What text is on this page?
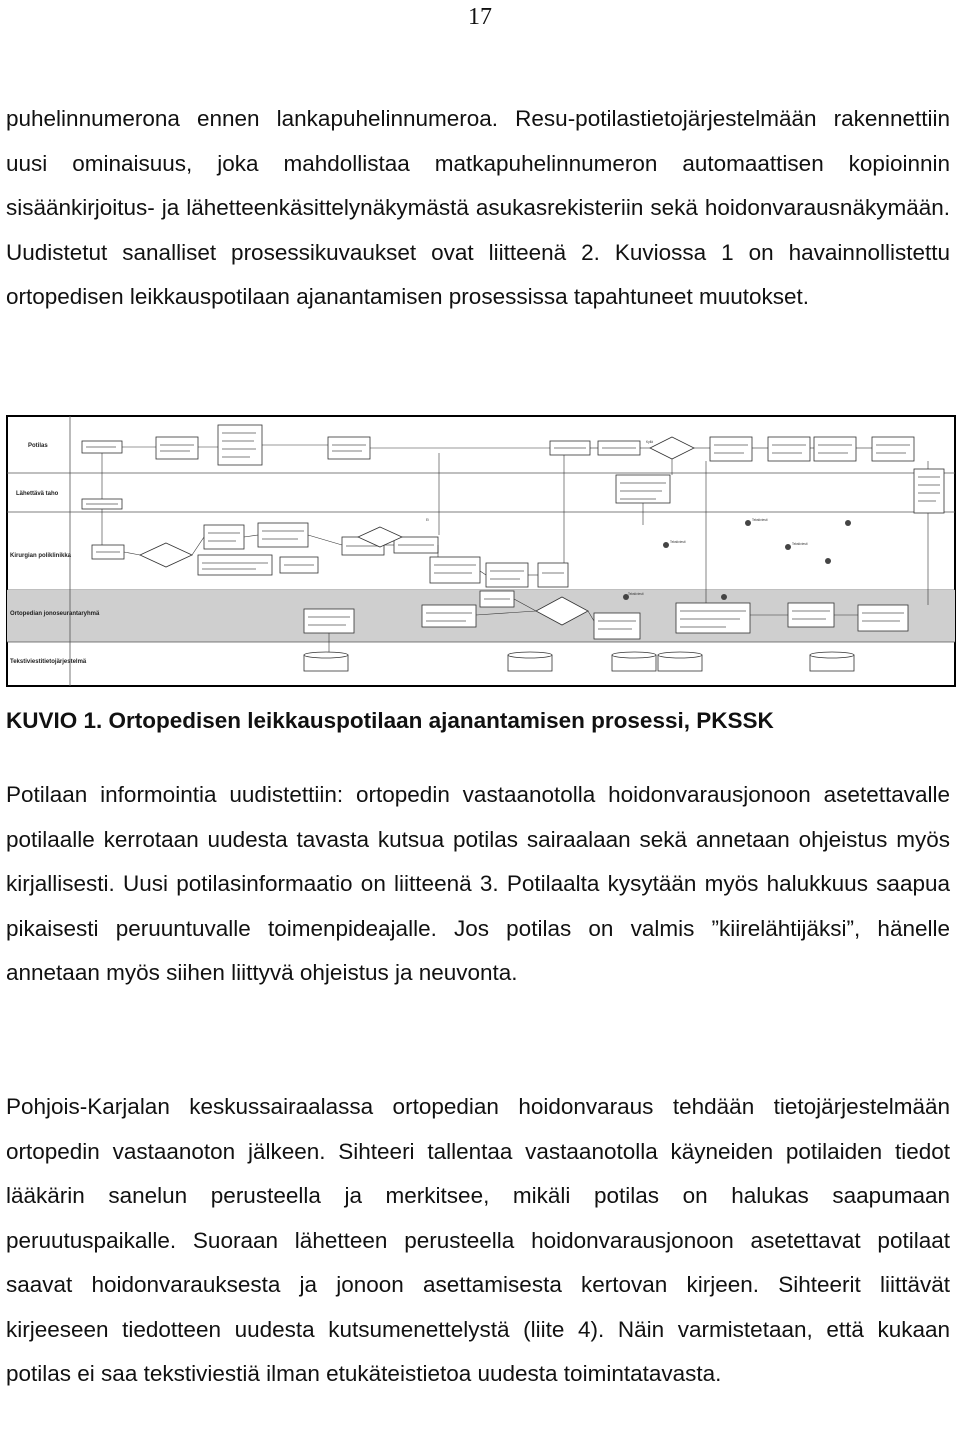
17

puhelinnumerona ennen lankapuhelinnumeroa. Resu-potilastietojärjestelmään rakennettiin uusi ominaisuus, joka mahdollistaa matkapuhelinnumeron automaattisen kopioinnin sisäänkirjoitus- ja lähetteenkäsittelynäkymästä asukasrekisteriin sekä hoidonvarausnäkymään. Uudistetut sanalliset prosessikuvaukset ovat liitteenä 2. Kuviossa 1 on havainnollistettu ortopedisen leikkauspotilaan ajanantamisen prosessissa tapahtuneet muutokset.

Potilas
Lähettävä taho
Kirurgian poliklinikka
Ortopedian jonoseurantaryhmä
Tekstiviestitietojärjestelmä
Tekstiviesti
Tekstiviesti
Tekstiviesti
Tekstiviesti
Kyllä
Ei

KUVIO 1. Ortopedisen leikkauspotilaan ajanantamisen prosessi, PKSSK

Potilaan informointia uudistettiin: ortopedin vastaanotolla hoidonvarausjonoon asetettavalle potilaalle kerrotaan uudesta tavasta kutsua potilas sairaalaan sekä annetaan ohjeistus myös kirjallisesti. Uusi potilasinformaatio on liitteenä 3. Potilaalta kysytään myös halukkuus saapua pikaisesti peruuntuvalle toimenpideajalle. Jos potilas on valmis ”kiirelähtijäksi”, hänelle annetaan myös siihen liittyvä ohjeistus ja neuvonta.

Pohjois-Karjalan keskussairaalassa ortopedian hoidonvaraus tehdään tietojärjestelmään ortopedin vastaanoton jälkeen. Sihteeri tallentaa vastaanotolla käyneiden potilaiden tiedot lääkärin sanelun perusteella ja merkitsee, mikäli potilas on halukas saapumaan peruutuspaikalle. Suoraan lähetteen perusteella hoidonvarausjonoon asetettavat potilaat saavat hoidonvarauksesta ja jonoon asettamisesta kertovan kirjeen. Sihteerit liittävät kirjeeseen tiedotteen uudesta kutsumenettelystä (liite 4). Näin varmistetaan, että kukaan potilas ei saa tekstiviestiä ilman etukäteistietoa uudesta toimintatavasta.
